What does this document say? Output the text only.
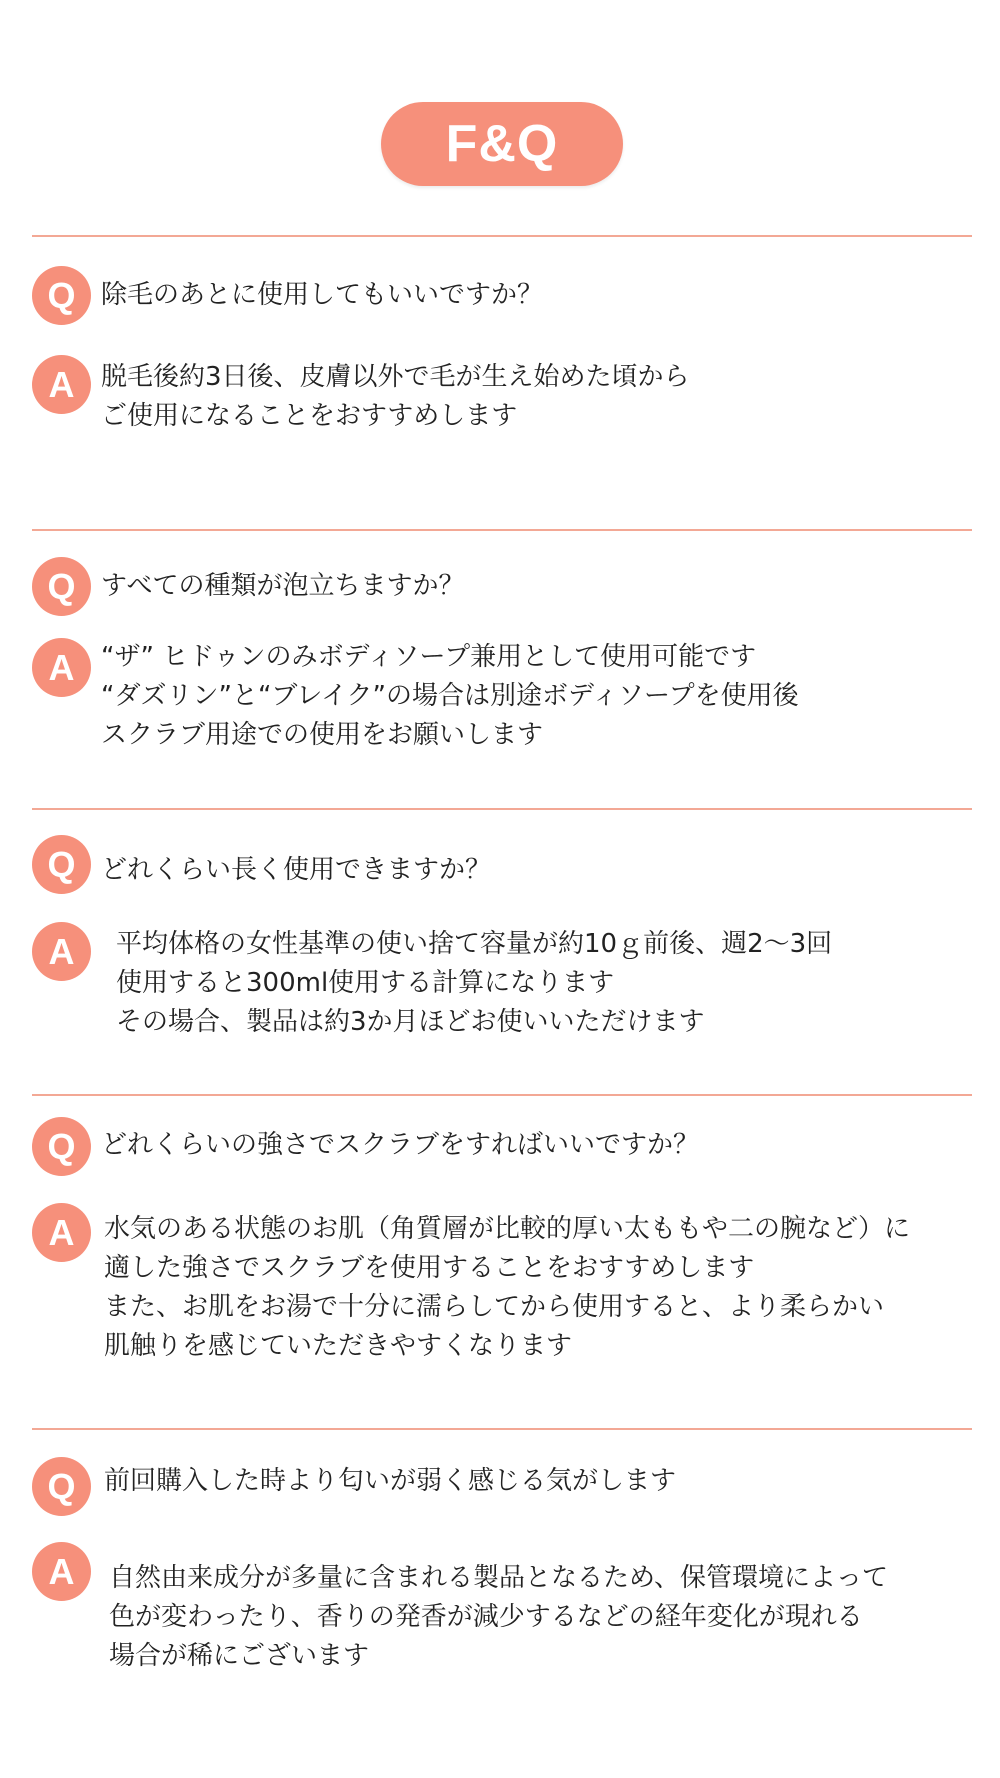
F&Q
Q 除毛のあとに使用してもいいですか？
A	脱毛後約3日後、皮膚以外で毛が生え始めた頃から
ご使用になることをおすすめします
Q すべての種類が泡立ちますか？
A	“ザ” ヒドゥンのみボディソープ兼用として使用可能です
“ダズリン”と“ブレイク”の場合は別途ボディソープを使用後
スクラブ用途での使用をお願いします
Q どれくらい長く使用できますか？
A	平均体格の女性基準の使い捨て容量が約10ｇ前後、週2〜3回
使用すると300ml使用する計算になります
その場合、製品は約3か月ほどお使いいただけます
Q どれくらいの強さでスクラブをすればいいですか？
A	水気のある状態のお肌（角質層が比較的厚い太ももや二の腕など）に
適した強さでスクラブを使用することをおすすめします
また、お肌をお湯で十分に濡らしてから使用すると、より柔らかい
肌触りを感じていただきやすくなります
Q	前回購入した時より匂いが弱く感じる気がします
A	自然由来成分が多量に含まれる製品となるため、保管環境によって
色が変わったり、香りの発香が減少するなどの経年変化が現れる
場合が稀にございます
